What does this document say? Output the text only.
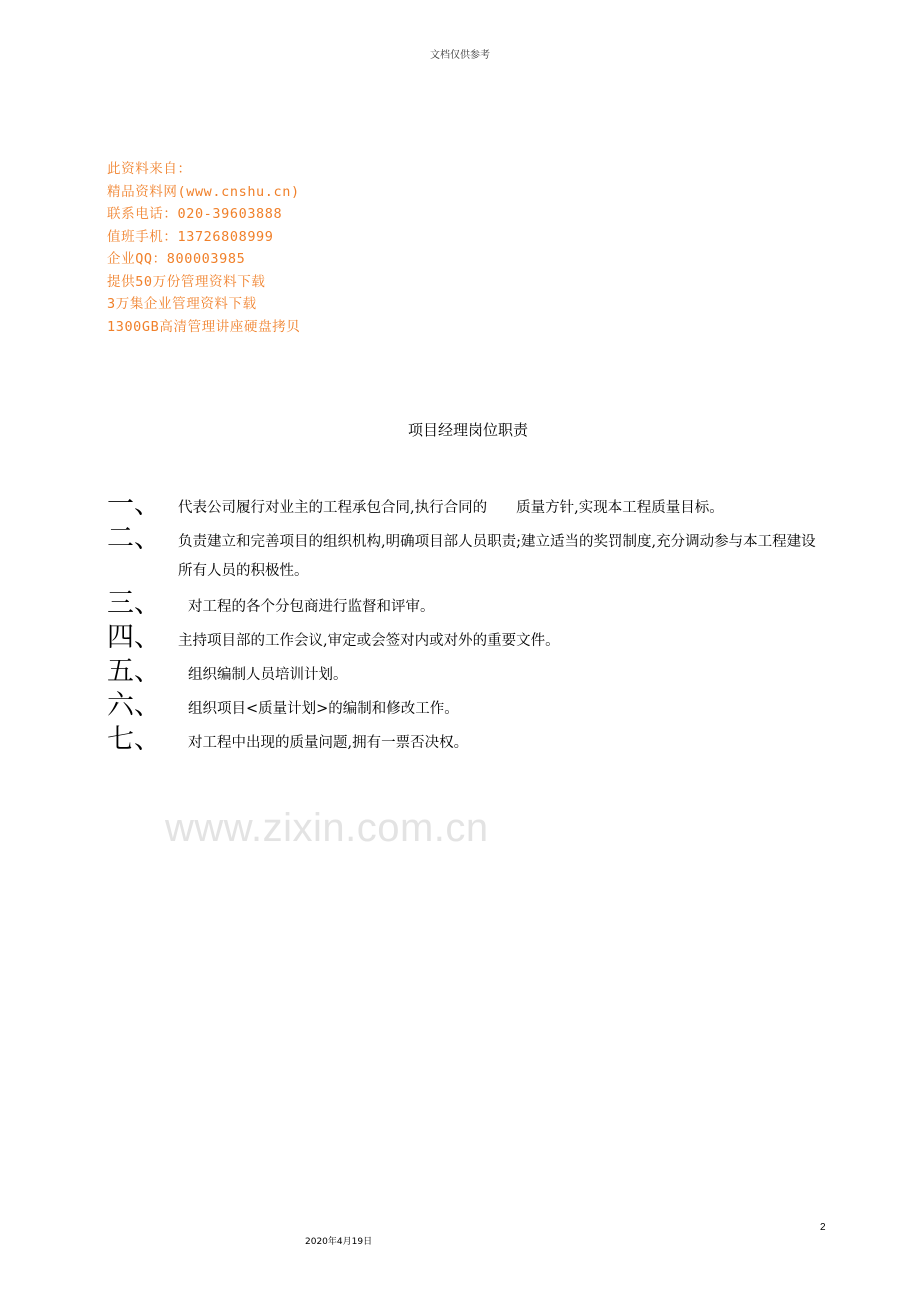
文档仅供参考
此资料来自：
精品资料网(www.cnshu.cn)
联系电话：020-39603888
值班手机：13726808999
企业QQ：800003985
提供50万份管理资料下载
3万集企业管理资料下载
1300GB高清管理讲座硬盘拷贝
项目经理岗位职责
一、 代表公司履行对业主的工程承包合同,执行合同的　　质量方针,实现本工程质量目标。
二、 负责建立和完善项目的组织机构,明确项目部人员职责;建立适当的奖罚制度,充分调动参与本工程建设所有人员的积极性。
三、 对工程的各个分包商进行监督和评审。
四、 主持项目部的工作会议,审定或会签对内或对外的重要文件。
五、 组织编制人员培训计划。
六、 组织项目<质量计划>的编制和修改工作。
七、 对工程中出现的质量问题,拥有一票否决权。
www.zixin.com.cn
2
2020年4月19日
